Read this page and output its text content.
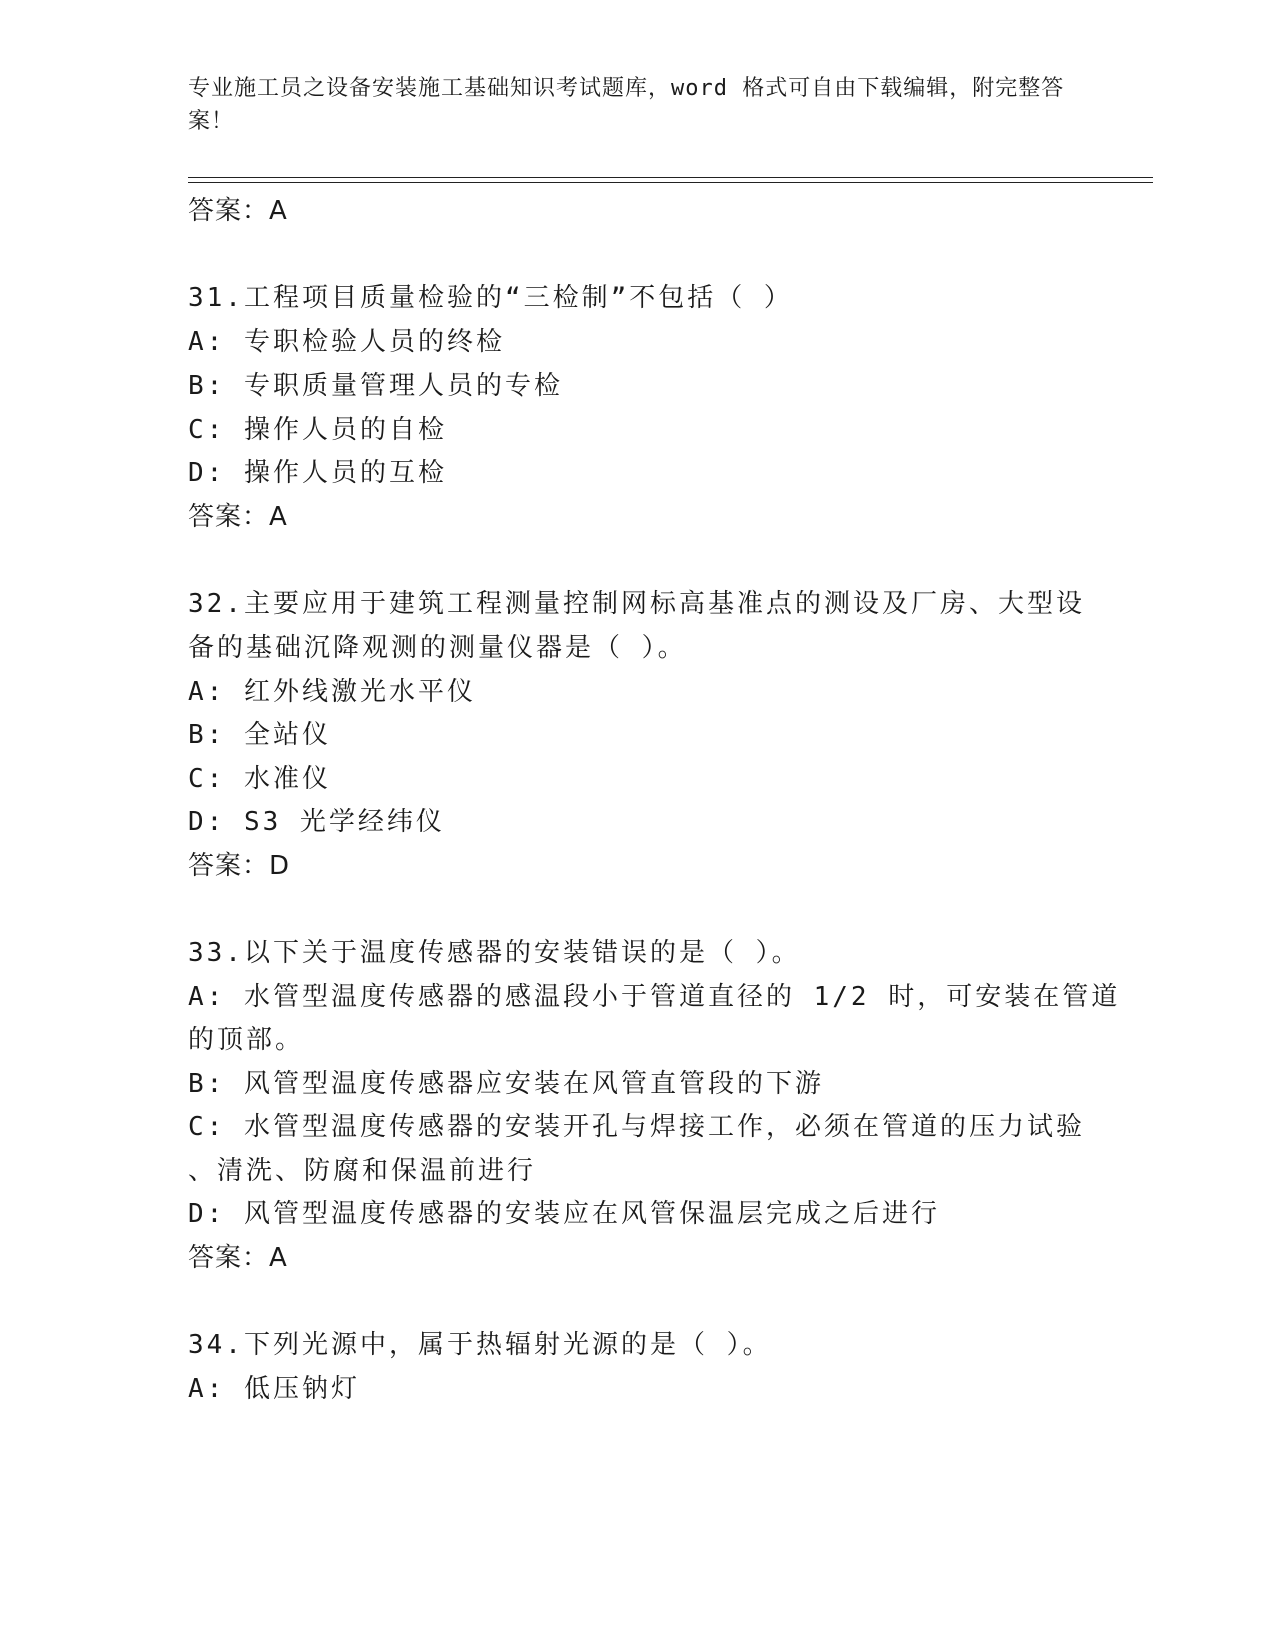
专业施工员之设备安装施工基础知识考试题库，word 格式可自由下载编辑，附完整答案！
答案：A
31.工程项目质量检验的“三检制”不包括（ ）
A: 专职检验人员的终检
B: 专职质量管理人员的专检
C: 操作人员的自检
D: 操作人员的互检
答案：A
32.主要应用于建筑工程测量控制网标高基准点的测设及厂房、大型设
备的基础沉降观测的测量仪器是（ ）。
A: 红外线激光水平仪
B: 全站仪
C: 水准仪
D: S3 光学经纬仪
答案：D
33.以下关于温度传感器的安装错误的是（ ）。
A: 水管型温度传感器的感温段小于管道直径的 1/2 时，可安装在管道
的顶部。
B: 风管型温度传感器应安装在风管直管段的下游
C: 水管型温度传感器的安装开孔与焊接工作，必须在管道的压力试验
、清洗、防腐和保温前进行
D: 风管型温度传感器的安装应在风管保温层完成之后进行
答案：A
34.下列光源中，属于热辐射光源的是（ ）。
A: 低压钠灯
